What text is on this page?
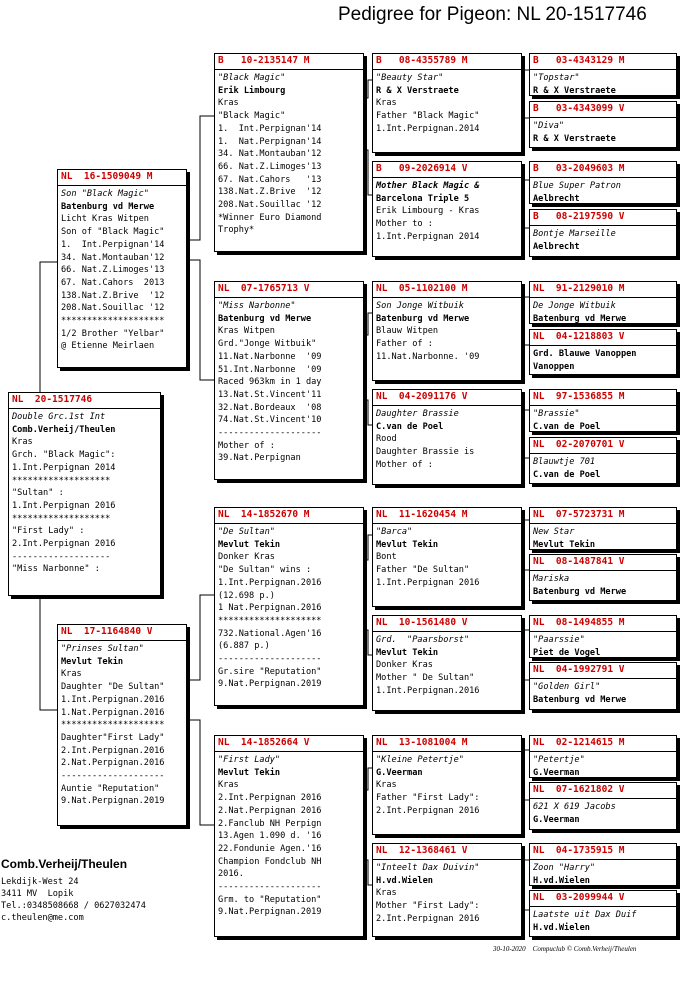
Pedigree for Pigeon: NL 20-1517746
NL  20-1517746
Double Grc.1st Int
Comb.Verheij/Theulen
Kras
Grch. "Black Magic":
1.Int.Perpignan 2014
*******************
"Sultan" :
1.Int.Perpignan 2016
*******************
"First Lady" :
2.Int.Perpignan 2016
-------------------
"Miss Narbonne" :
NL  16-1509049 M
Son "Black Magic"
Batenburg vd Merwe
Licht Kras Witpen
Son of "Black Magic"
1.  Int.Perpignan'14
34. Nat.Montauban'12
66. Nat.Z.Limoges'13
67. Nat.Cahors  2013
138.Nat.Z.Brive  '12
208.Nat.Souillac '12
********************
1/2 Brother "Yelbar"
@ Etienne Meirlaen
NL  17-1164840 V
"Prinses Sultan"
Mevlut Tekin
Kras
Daughter "De Sultan"
1.Int.Perpignan.2016
1.Nat.Perpignan.2016
********************
Daughter"First Lady"
2.Int.Perpignan.2016
2.Nat.Perpignan.2016
--------------------
Auntie "Reputation"
9.Nat.Perpignan.2019
B   10-2135147 M
"Black Magic"
Erik Limbourg
Kras
"Black Magic"
1.  Int.Perpignan'14
1.  Nat.Perpignan'14
34. Nat.Montauban'12
66. Nat.Z.Limoges'13
67. Nat.Cahors   '13
138.Nat.Z.Brive  '12
208.Nat.Souillac '12
*Winner Euro Diamond
Trophy*
NL  07-1765713 V
"Miss Narbonne"
Batenburg vd Merwe
Kras Witpen
Grd."Jonge Witbuik"
11.Nat.Narbonne  '09
51.Int.Narbonne  '09
Raced 963km in 1 day
13.Nat.St.Vincent'11
32.Nat.Bordeaux  '08
74.Nat.St.Vincent'10
--------------------
Mother of :
39.Nat.Perpignan
NL  14-1852670 M
"De Sultan"
Mevlut Tekin
Donker Kras
"De Sultan" wins :
1.Int.Perpignan.2016
(12.698 p.)
1 Nat.Perpignan.2016
********************
732.National.Agen'16
(6.887 p.)
--------------------
Gr.sire "Reputation"
9.Nat.Perpignan.2019
NL  14-1852664 V
"First Lady"
Mevlut Tekin
Kras
2.Int.Perpignan 2016
2.Nat.Perpignan 2016
2.Fanclub NH Perpign
13.Agen 1.090 d. '16
22.Fondunie Agen.'16
Champion Fondclub NH
2016.
--------------------
Grm. to "Reputation"
9.Nat.Perpignan.2019
B   08-4355789 M
"Beauty Star"
R & X Verstraete
Kras
Father "Black Magic"
1.Int.Perpignan.2014
B   09-2026914 V
Mother Black Magic &
Barcelona Triple 5
Erik Limbourg - Kras
Mother to :
1.Int.Perpignan 2014
NL  05-1102100 M
Son Jonge Witbuik
Batenburg vd Merwe
Blauw Witpen
Father of :
11.Nat.Narbonne. '09
NL  04-2091176 V
Daughter Brassie
C.van de Poel
Rood
Daughter Brassie is
Mother of :
NL  11-1620454 M
"Barca"
Mevlut Tekin
Bont
Father "De Sultan"
1.Int.Perpignan 2016
NL  10-1561480 V
Grd.  "Paarsborst"
Mevlut Tekin
Donker Kras
Mother " De Sultan"
1.Int.Perpignan.2016
NL  13-1081004 M
"Kleine Petertje"
G.Veerman
Kras
Father "First Lady":
2.Int.Perpignan 2016
NL  12-1368461 V
"Inteelt Dax Duivin"
H.vd.Wielen
Kras
Mother "First Lady":
2.Int.Perpignan 2016
B   03-4343129 M
"Topstar"
R & X Verstraete
B   03-4343099 V
"Diva"
R & X Verstraete
B   03-2049603 M
Blue Super Patron
Aelbrecht
B   08-2197590 V
Bontje Marseille
Aelbrecht
NL  91-2129010 M
De Jonge Witbuik
Batenburg vd Merwe
NL  04-1218803 V
Grd. Blauwe Vanoppen
Vanoppen
NL  97-1536855 M
"Brassie"
C.van de Poel
NL  02-2070701 V
Blauwtje 701
C.van de Poel
NL  07-5723731 M
New Star
Mevlut Tekin
NL  08-1487841 V
Mariska
Batenburg vd Merwe
NL  08-1494855 M
"Paarssie"
Piet de Vogel
NL  04-1992791 V
"Golden Girl"
Batenburg vd Merwe
NL  02-1214615 M
"Petertje"
G.Veerman
NL  07-1621802 V
621 X 619 Jacobs
G.Veerman
NL  04-1735915 M
Zoon "Harry"
H.vd.Wielen
NL  03-2099944 V
Laatste uit Dax Duif
H.vd.Wielen
Comb.Verheij/Theulen
Lekdijk-West 24
3411 MV  Lopik
Tel.:0348508668 / 0627032474
c.theulen@me.com
30-10-2020    Compuclub © Comb.Verheij/Theulen
